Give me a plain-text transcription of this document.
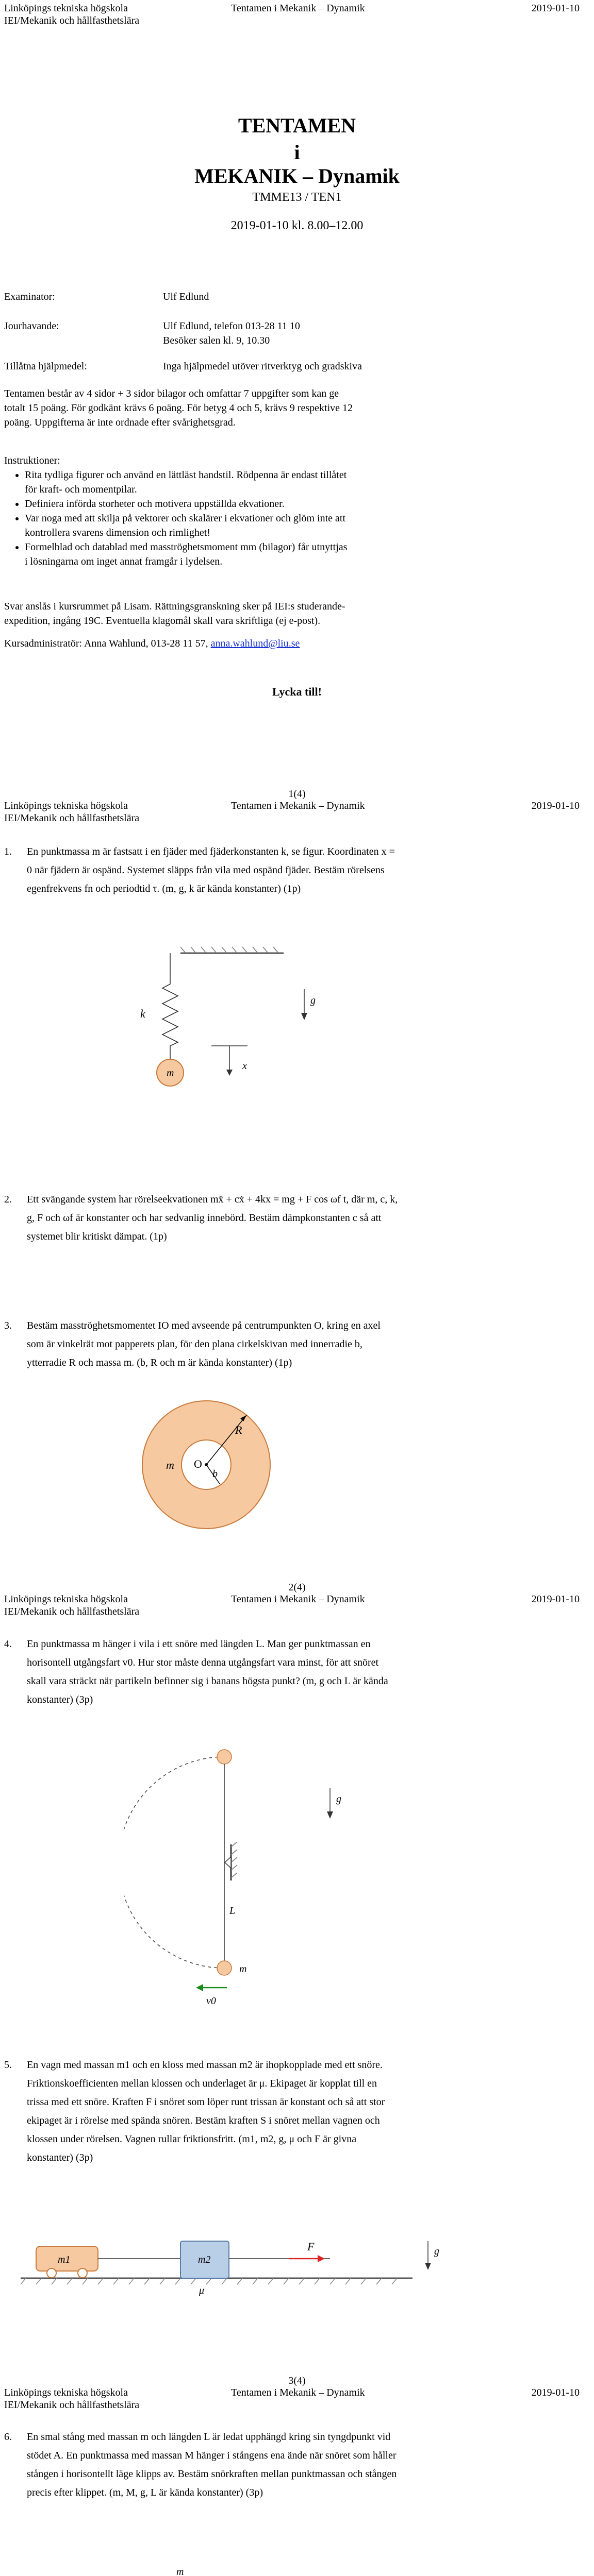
Linköpings tekniska högskola
IEI/Mekanik och hållfasthetslära
Tentamen i Mekanik – Dynamik	2019-01-10
TENTAMEN
i
MEKANIK – Dynamik
TMME13 / TEN1
2019-01-10 kl. 8.00–12.00
Examinator:	Ulf Edlund
Jourhavande:	Ulf Edlund, telefon 013-28 11 10
Besöker salen kl. 9, 10.30
Tillåtna hjälpmedel:	Inga hjälpmedel utöver ritverktyg och gradskiva
Tentamen består av 4 sidor + 3 sidor bilagor och omfattar 7 uppgifter som kan ge
totalt 15 poäng. För godkänt krävs 6 poäng. För betyg 4 och 5, krävs 9 respektive 12
poäng. Uppgifterna är inte ordnade efter svårighetsgrad.
Instruktioner:
• Rita tydliga figurer och använd en lättläst handstil. Rödpenna är endast tillåtet
för kraft- och momentpilar.
• Definiera införda storheter och motivera uppställda ekvationer.
• Var noga med att skilja på vektorer och skalärer i ekvationer och glöm inte att
kontrollera svarens dimension och rimlighet!
• Formelblad och datablad med masströghetsmoment mm (bilagor) får utnyttjas
i lösningarna om inget annat framgår i lydelsen.
Svar anslås i kursrummet på Lisam. Rättningsgranskning sker på IEI:s studerande-
expedition, ingång 19C. Eventuella klagomål skall vara skriftliga (ej e-post).
Kursadministratör: Anna Wahlund, 013-28 11 57, anna.wahlund@liu.se
Lycka till!
1(4)
Linköpings tekniska högskola
IEI/Mekanik och hållfasthetslära
Tentamen i Mekanik – Dynamik	2019-01-10
1. En punktmassa m är fastsatt i en fjäder med fjäderkonstanten k, se figur. Koordinaten x = 0 när fjädern är ospänd. Systemet släpps från vila med ospänd fjäder. Bestäm rörelsens egenfrekvens fn och periodtid τ. (m, g, k är kända konstanter) (1p)
k
m
x
g
2. Ett svängande system har rörelseekvationen mẍ + cẋ + 4kx = mg + F cos ωf t, där m, c, k, g, F och ωf är konstanter och har sedvanlig innebörd. Bestäm dämpkonstanten c så att systemet blir kritiskt dämpat. (1p)
3. Bestäm masströghetsmomentet IO med avseende på centrumpunkten O, kring en axel som är vinkelrät mot papperets plan, för den plana cirkelskivan med innerradie b, ytterradie R och massa m. (b, R och m är kända konstanter) (1p)
R
m O
b
2(4)
Linköpings tekniska högskola
IEI/Mekanik och hållfasthetslära
Tentamen i Mekanik – Dynamik	2019-01-10
4. En punktmassa m hänger i vila i ett snöre med längden L. Man ger punktmassan en horisontell utgångsfart v0. Hur stor måste denna utgångsfart vara minst, för att snöret skall vara sträckt när partikeln befinner sig i banans högsta punkt? (m, g och L är kända konstanter) (3p)
L
m
v0
g
5. En vagn med massan m1 och en kloss med massan m2 är ihopkopplade med ett snöre. Friktionskoefficienten mellan klossen och underlaget är μ. Ekipaget är kopplat till en trissa med ett snöre. Kraften F i snöret som löper runt trissan är konstant och så att stor ekipaget är i rörelse med spända snören. Bestäm kraften S i snöret mellan vagnen och klossen under rörelsen. Vagnen rullar friktionsfritt. (m1, m2, g, μ och F är givna konstanter) (3p)
m1	m2
F
μ
g
3(4)
Linköpings tekniska högskola
IEI/Mekanik och hållfasthetslära
Tentamen i Mekanik – Dynamik	2019-01-10
6. En smal stång med massan m och längden L är ledat upphängd kring sin tyngdpunkt vid stödet A. En punktmassa med massan M hänger i stångens ena ände när snöret som håller stången i horisontellt läge klipps av. Bestäm snörkraften mellan punktmassan och stången precis efter klippet. (m, M, g, L är kända konstanter) (3p)
m
